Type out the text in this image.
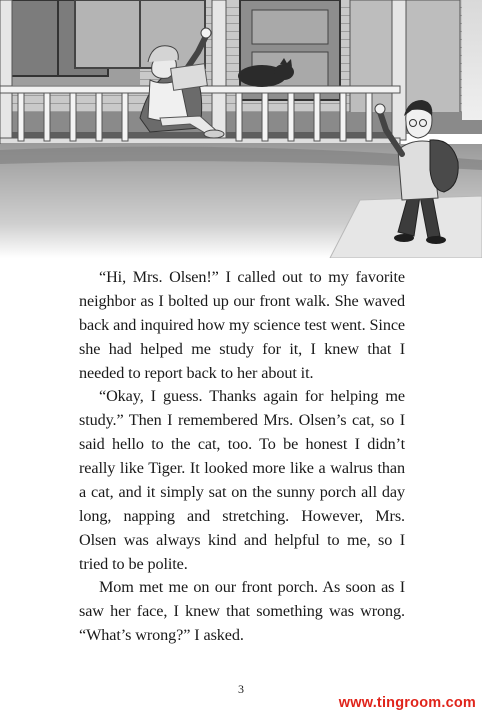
“Hi, Mrs. Olsen!” I called out to my favorite neighbor as I bolted up our front walk. She waved back and inquired how my science test went. Since she had helped me study for it, I knew that I needed to report back to her about it.

“Okay, I guess. Thanks again for helping me study.” Then I remembered Mrs. Olsen’s cat, so I said hello to the cat, too. To be honest I didn’t really like Tiger. It looked more like a walrus than a cat, and it simply sat on the sunny porch all day long, napping and stretching. However, Mrs. Olsen was always kind and helpful to me, so I tried to be polite.

Mom met me on our front porch. As soon as I saw her face, I knew that something was wrong. “What’s wrong?” I asked.

3
www.tingroom.com
